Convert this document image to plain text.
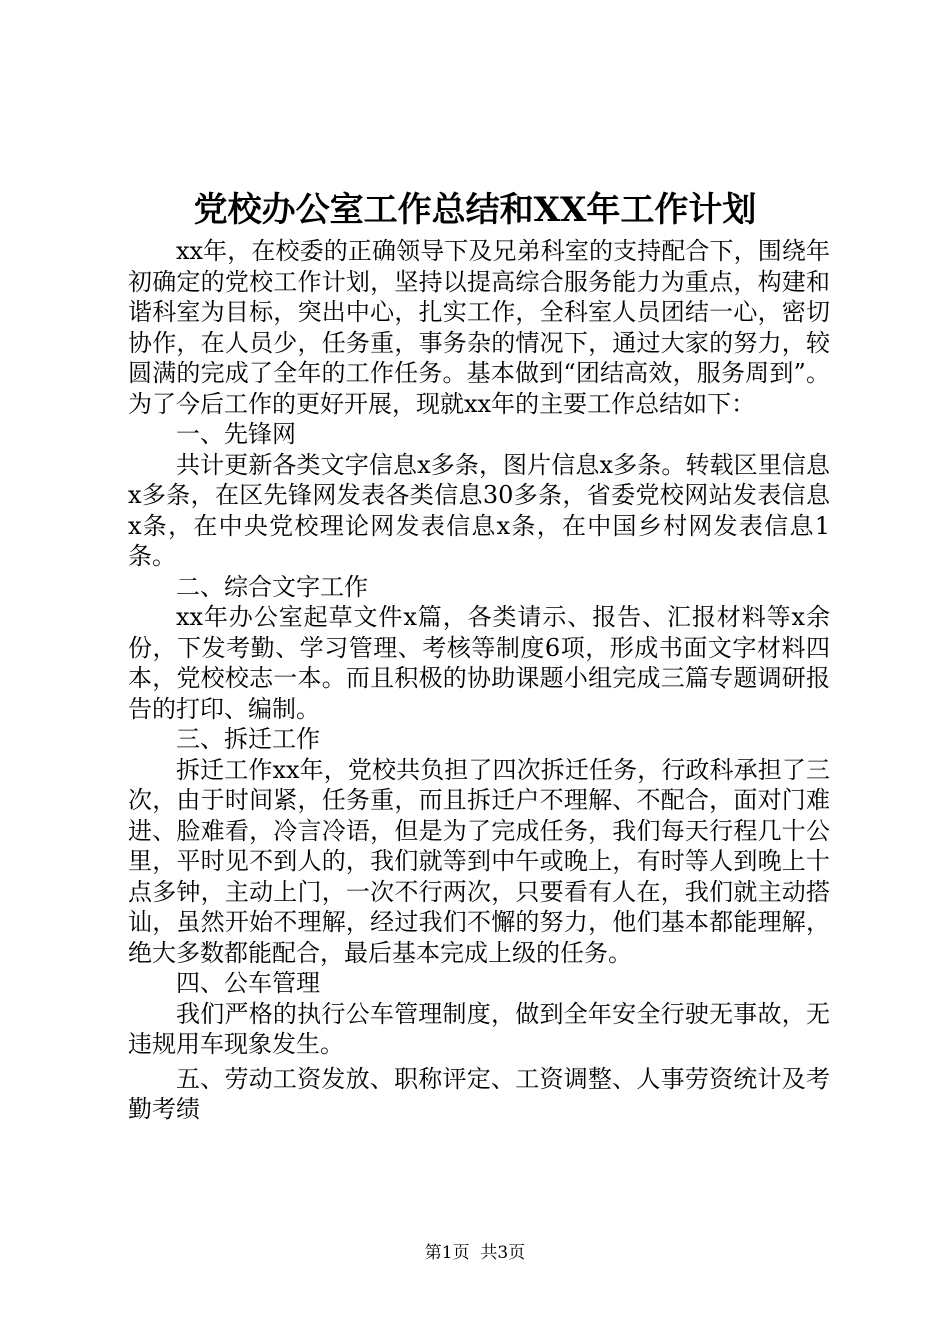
党校办公室工作总结和XX年工作计划

xx年，在校委的正确领导下及兄弟科室的支持配合下，围绕年初确定的党校工作计划，坚持以提高综合服务能力为重点，构建和谐科室为目标，突出中心，扎实工作，全科室人员团结一心，密切协作，在人员少，任务重，事务杂的情况下，通过大家的努力，较圆满的完成了全年的工作任务。基本做到“团结高效，服务周到”。为了今后工作的更好开展，现就xx年的主要工作总结如下：

一、先锋网

共计更新各类文字信息x多条，图片信息x多条。转载区里信息x多条，在区先锋网发表各类信息30多条，省委党校网站发表信息x条，在中央党校理论网发表信息x条，在中国乡村网发表信息1条。

二、综合文字工作

xx年办公室起草文件x篇，各类请示、报告、汇报材料等x余份，下发考勤、学习管理、考核等制度6项，形成书面文字材料四本，党校校志一本。而且积极的协助课题小组完成三篇专题调研报告的打印、编制。

三、拆迁工作

拆迁工作xx年，党校共负担了四次拆迁任务，行政科承担了三次，由于时间紧，任务重，而且拆迁户不理解、不配合，面对门难进、脸难看，冷言冷语，但是为了完成任务，我们每天行程几十公里，平时见不到人的，我们就等到中午或晚上，有时等人到晚上十点多钟，主动上门，一次不行两次，只要看有人在，我们就主动搭讪，虽然开始不理解，经过我们不懈的努力，他们基本都能理解，绝大多数都能配合，最后基本完成上级的任务。

四、公车管理

我们严格的执行公车管理制度，做到全年安全行驶无事故，无违规用车现象发生。

五、劳动工资发放、职称评定、工资调整、人事劳资统计及考勤考绩

第1页  共3页
